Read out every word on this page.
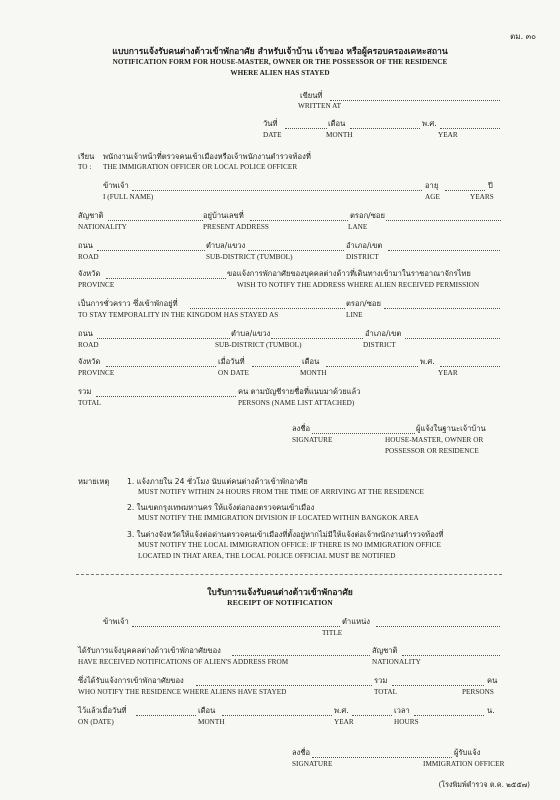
ตม. ๓๐
แบบการแจ้งรับคนต่างด้าวเข้าพักอาศัย สำหรับเจ้าบ้าน เจ้าของ หรือผู้ครอบครองเคหะสถาน
NOTIFICATION FORM FOR HOUSE-MASTER, OWNER OR THE POSSESSOR OF THE RESIDENCE
WHERE ALIEN HAS STAYED
เขียนที่
WRITTEN AT
วันที่	เดือน	พ.ศ.
DATE	MONTH	YEAR
เรียน พนักงานเจ้าหน้าที่ตรวจคนเข้าเมืองหรือเจ้าพนักงานตำรวจท้องที่
TO : THE IMMIGRATION OFFICER OR LOCAL POLICE OFFICER
ข้าพเจ้า	อายุ	ปี
I (FULL NAME)	AGE	YEARS
สัญชาติ	อยู่บ้านเลขที่	ตรอก/ซอย
NATIONALITY	PRESENT ADDRESS	LANE
ถนน	ตำบล/แขวง	อำเภอ/เขต
ROAD	SUB-DISTRICT (TUMBOL)	DISTRICT
จังหวัด	ขอแจ้งการพักอาศัยของบุคคลต่างด้าวที่เดินทางเข้ามาในราชอาณาจักรไทย
PROVINCE	WISH TO NOTIFY THE ADDRESS WHERE ALIEN RECEIVED PERMISSION
เป็นการชั่วคราว ซึ่งเข้าพักอยู่ที่	ตรอก/ซอย
TO STAY TEMPORALITY IN THE KINGDOM HAS STAYED AS	LINE
ถนน	ตำบล/แขวง	อำเภอ/เขต
ROAD	SUB-DISTRICT (TUMBOL)	DISTRICT
จังหวัด	เมื่อวันที่	เดือน	พ.ศ.
PROVINCE	ON DATE	MONTH	YEAR
รวม	คน ตามบัญชีรายชื่อที่แนบมาด้วยแล้ว
TOTAL	PERSONS (NAME LIST ATTACHED)
ลงชื่อ	ผู้แจ้งในฐานะเจ้าบ้าน
SIGNATURE	HOUSE-MASTER, OWNER OR
POSSESSOR OR RESIDENCE
หมายเหตุ 1. แจ้งภายใน 24 ชั่วโมง นับแต่คนต่างด้าวเข้าพักอาศัย
MUST NOTIFY WITHIN 24 HOURS FROM THE TIME OF ARRIVING AT THE RESIDENCE
2. ในเขตกรุงเทพมหานคร ให้แจ้งต่อกองตรวจคนเข้าเมือง
MUST NOTIFY THE IMMIGRATION DIVISION IF LOCATED WITHIN BANGKOK AREA
3. ในต่างจังหวัดให้แจ้งต่อด่านตรวจคนเข้าเมืองที่ตั้งอยู่หากไม่มีให้แจ้งต่อเจ้าพนักงานตำรวจท้องที่
MUST NOTIFY THE LOCAL IMMIGRATION OFFICE: IF THERE IS NO IMMIGRATION OFFICE
LOCATED IN THAT AREA, THE LOCAL POLICE OFFICIAL MUST BE NOTIFIED
ใบรับการแจ้งรับคนต่างด้าวเข้าพักอาศัย
RECEIPT OF NOTIFICATION
ข้าพเจ้า	ตำแหน่ง
TITLE
ได้รับการแจ้งบุคคลต่างด้าวเข้าพักอาศัยของ	สัญชาติ
HAVE RECEIVED NOTIFICATIONS OF ALIEN'S ADDRESS FROM	NATIONALITY
ซึ่งได้รับแจ้งการเข้าพักอาศัยของ	รวม	คน
WHO NOTIFY THE RESIDENCE WHERE ALIENS HAVE STAYED	TOTAL	PERSONS
ไว้แล้วเมื่อวันที่	เดือน	พ.ศ.	เวลา	น.
ON (DATE)	MONTH	YEAR	HOURS
ลงชื่อ	ผู้รับแจ้ง
SIGNATURE	IMMIGRATION OFFICER
(โรงพิมพ์ตำรวจ ต.ค. ๒๕๕๗)
